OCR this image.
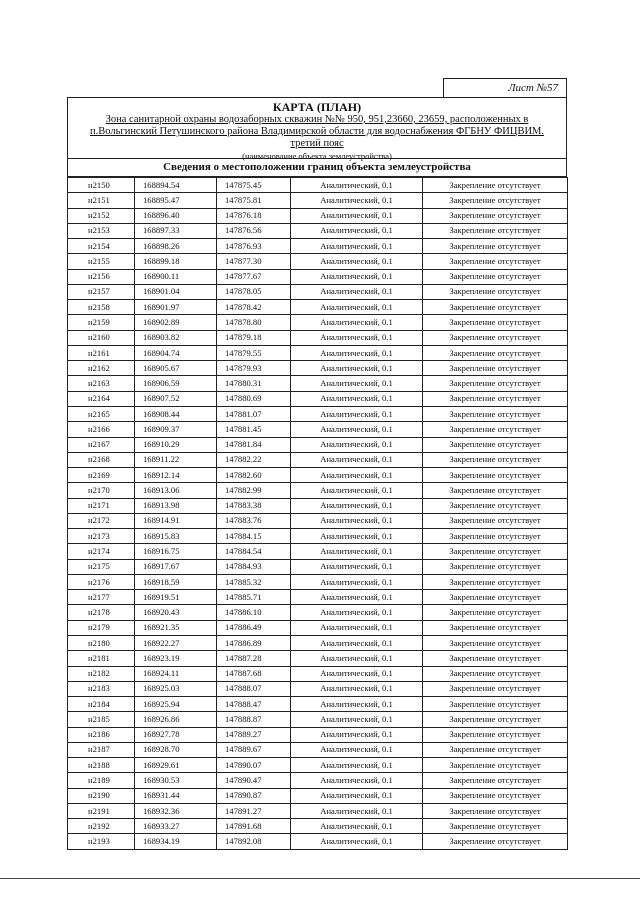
Лист №57
КАРТА (ПЛАН)
Зона санитарной охраны водозаборных скважин №№ 950, 951,23660, 23659, расположенных в
п.Вольгинский Петушинского района Владимирской области для водоснабжения ФГБНУ ФИЦВИМ.
третий пояс
(наименование объекта землеустройства)
Сведения о местоположении границ объекта землеустройства
н2150	168894.54	147875.45	Аналитический, 0.1	Закрепление отсутствует
н2151	168895.47	147875.81	Аналитический, 0.1	Закрепление отсутствует
н2152	168896.40	147876.18	Аналитический, 0.1	Закрепление отсутствует
н2153	168897.33	147876.56	Аналитический, 0.1	Закрепление отсутствует
н2154	168898.26	147876.93	Аналитический, 0.1	Закрепление отсутствует
н2155	168899.18	147877.30	Аналитический, 0.1	Закрепление отсутствует
н2156	168900.11	147877.67	Аналитический, 0.1	Закрепление отсутствует
н2157	168901.04	147878.05	Аналитический, 0.1	Закрепление отсутствует
н2158	168901.97	147878.42	Аналитический, 0.1	Закрепление отсутствует
н2159	168902.89	147878.80	Аналитический, 0.1	Закрепление отсутствует
н2160	168903.82	147879.18	Аналитический, 0.1	Закрепление отсутствует
н2161	168904.74	147879.55	Аналитический, 0.1	Закрепление отсутствует
н2162	168905.67	147879.93	Аналитический, 0.1	Закрепление отсутствует
н2163	168906.59	147880.31	Аналитический, 0.1	Закрепление отсутствует
н2164	168907.52	147880.69	Аналитический, 0.1	Закрепление отсутствует
н2165	168908.44	147881.07	Аналитический, 0.1	Закрепление отсутствует
н2166	168909.37	147881.45	Аналитический, 0.1	Закрепление отсутствует
н2167	168910.29	147881.84	Аналитический, 0.1	Закрепление отсутствует
н2168	168911.22	147882.22	Аналитический, 0.1	Закрепление отсутствует
н2169	168912.14	147882.60	Аналитический, 0.1	Закрепление отсутствует
н2170	168913.06	147882.99	Аналитический, 0.1	Закрепление отсутствует
н2171	168913.98	147883.38	Аналитический, 0.1	Закрепление отсутствует
н2172	168914.91	147883.76	Аналитический, 0.1	Закрепление отсутствует
н2173	168915.83	147884.15	Аналитический, 0.1	Закрепление отсутствует
н2174	168916.75	147884.54	Аналитический, 0.1	Закрепление отсутствует
н2175	168917.67	147884.93	Аналитический, 0.1	Закрепление отсутствует
н2176	168918.59	147885.32	Аналитический, 0.1	Закрепление отсутствует
н2177	168919.51	147885.71	Аналитический, 0.1	Закрепление отсутствует
н2178	168920.43	147886.10	Аналитический, 0.1	Закрепление отсутствует
н2179	168921.35	147886.49	Аналитический, 0.1	Закрепление отсутствует
н2180	168922.27	147886.89	Аналитический, 0.1	Закрепление отсутствует
н2181	168923.19	147887.28	Аналитический, 0.1	Закрепление отсутствует
н2182	168924.11	147887.68	Аналитический, 0.1	Закрепление отсутствует
н2183	168925.03	147888.07	Аналитический, 0.1	Закрепление отсутствует
н2184	168925.94	147888.47	Аналитический, 0.1	Закрепление отсутствует
н2185	168926.86	147888.87	Аналитический, 0.1	Закрепление отсутствует
н2186	168927.78	147889.27	Аналитический, 0.1	Закрепление отсутствует
н2187	168928.70	147889.67	Аналитический, 0.1	Закрепление отсутствует
н2188	168929.61	147890.07	Аналитический, 0.1	Закрепление отсутствует
н2189	168930.53	147890.47	Аналитический, 0.1	Закрепление отсутствует
н2190	168931.44	147890.87	Аналитический, 0.1	Закрепление отсутствует
н2191	168932.36	147891.27	Аналитический, 0.1	Закрепление отсутствует
н2192	168933.27	147891.68	Аналитический, 0.1	Закрепление отсутствует
н2193	168934.19	147892.08	Аналитический, 0.1	Закрепление отсутствует
